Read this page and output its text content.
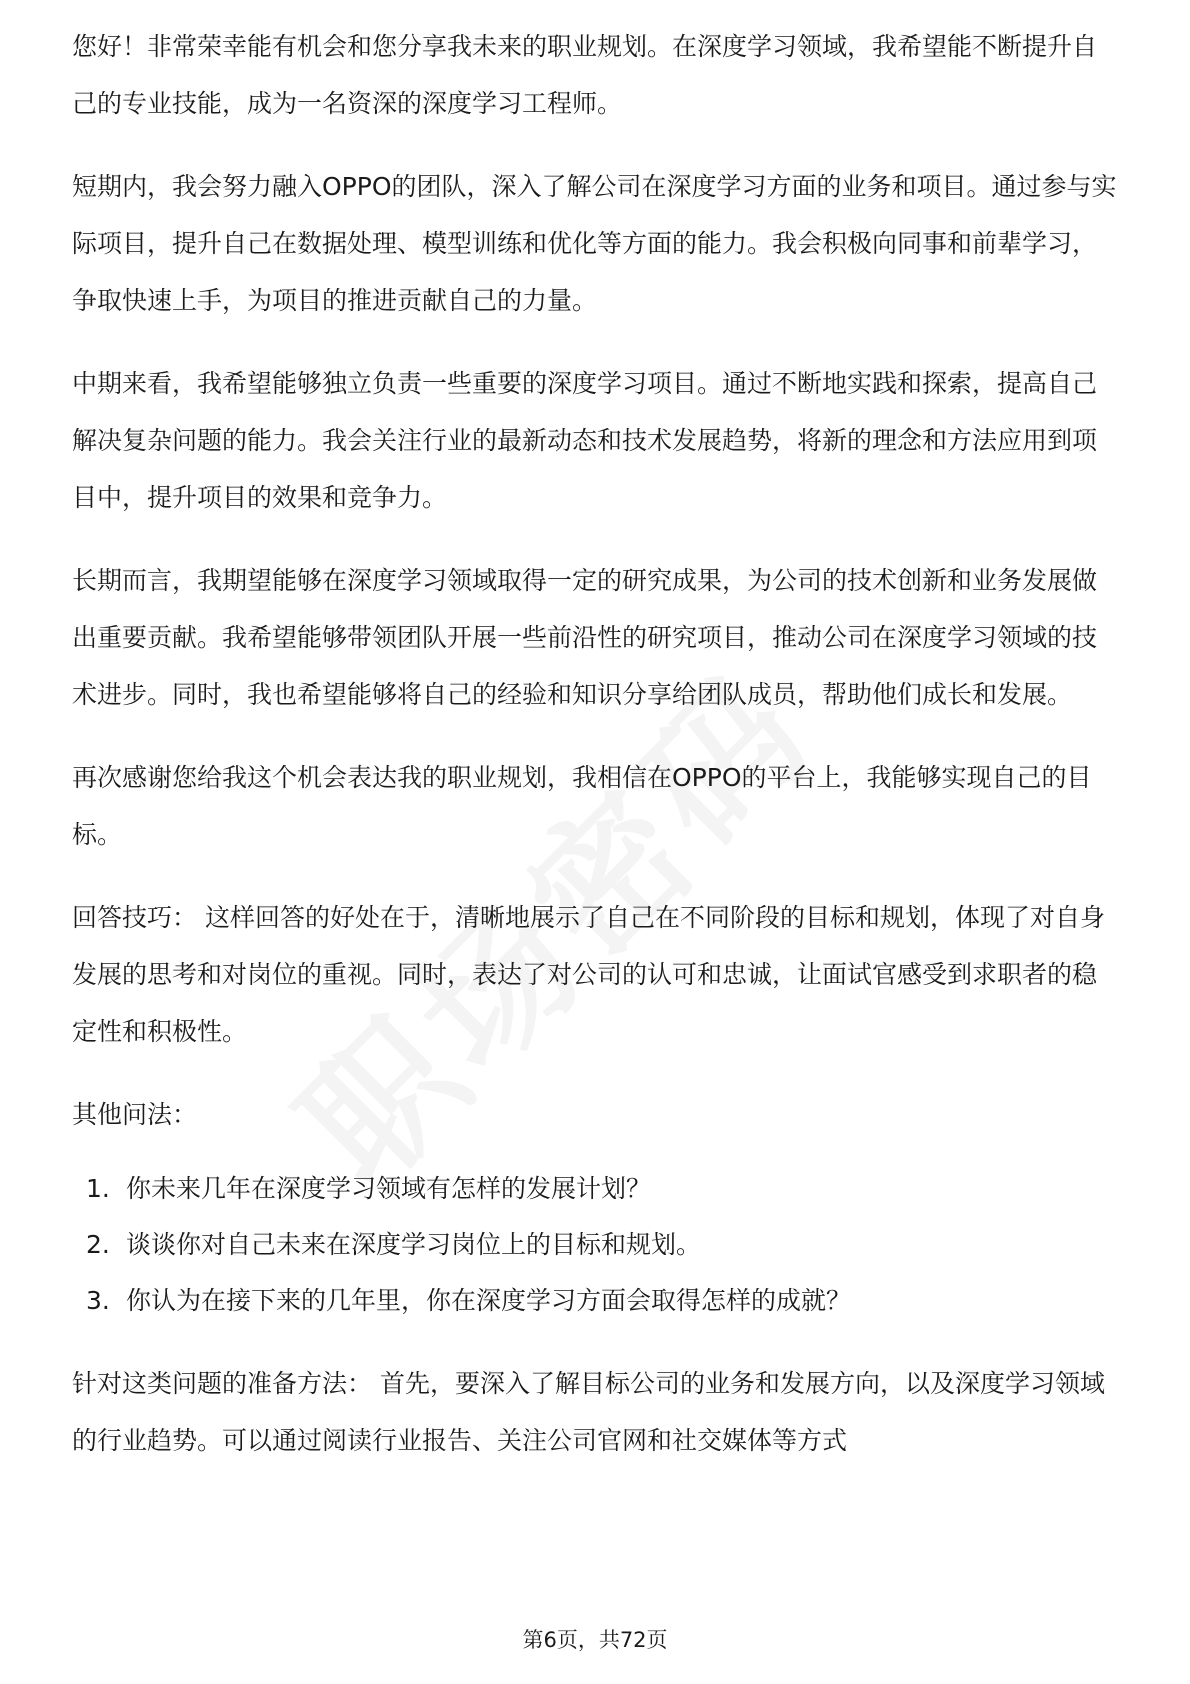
您好！非常荣幸能有机会和您分享我未来的职业规划。在深度学习领域，我希望能不断提升自己的专业技能，成为一名资深的深度学习工程师。

短期内，我会努力融入OPPO的团队，深入了解公司在深度学习方面的业务和项目。通过参与实际项目，提升自己在数据处理、模型训练和优化等方面的能力。我会积极向同事和前辈学习，争取快速上手，为项目的推进贡献自己的力量。

中期来看，我希望能够独立负责一些重要的深度学习项目。通过不断地实践和探索，提高自己解决复杂问题的能力。我会关注行业的最新动态和技术发展趋势，将新的理念和方法应用到项目中，提升项目的效果和竞争力。

长期而言，我期望能够在深度学习领域取得一定的研究成果，为公司的技术创新和业务发展做出重要贡献。我希望能够带领团队开展一些前沿性的研究项目，推动公司在深度学习领域的技术进步。同时，我也希望能够将自己的经验和知识分享给团队成员，帮助他们成长和发展。

再次感谢您给我这个机会表达我的职业规划，我相信在OPPO的平台上，我能够实现自己的目标。

回答技巧： 这样回答的好处在于，清晰地展示了自己在不同阶段的目标和规划，体现了对自身发展的思考和对岗位的重视。同时，表达了对公司的认可和忠诚，让面试官感受到求职者的稳定性和积极性。

其他问法：

1. 你未来几年在深度学习领域有怎样的发展计划？
2. 谈谈你对自己未来在深度学习岗位上的目标和规划。
3. 你认为在接下来的几年里，你在深度学习方面会取得怎样的成就？

针对这类问题的准备方法： 首先，要深入了解目标公司的业务和发展方向，以及深度学习领域的行业趋势。可以通过阅读行业报告、关注公司官网和社交媒体等方式

第6页，共72页
